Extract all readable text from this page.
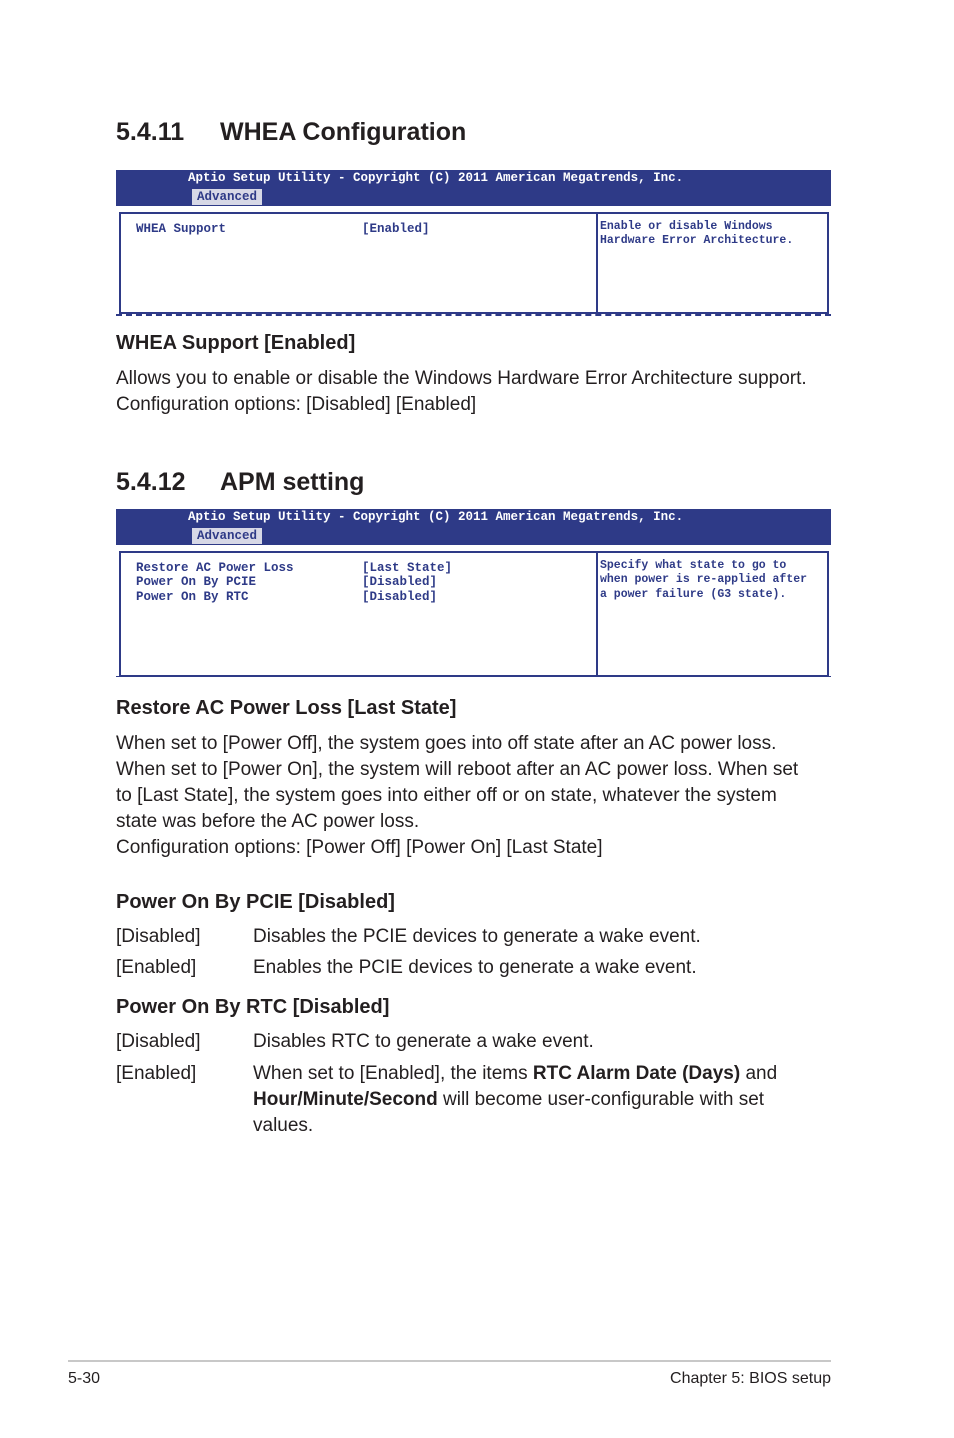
5.4.11 WHEA Configuration
Aptio Setup Utility - Copyright (C) 2011 American Megatrends, Inc.
Advanced
WHEA Support	[Enabled]	Enable or disable Windows
Hardware Error Architecture.
WHEA Support [Enabled]
Allows you to enable or disable the Windows Hardware Error Architecture support.
Configuration options: [Disabled] [Enabled]
5.4.12 APM setting
Aptio Setup Utility - Copyright (C) 2011 American Megatrends, Inc.
Advanced
Restore AC Power Loss	[Last State]
Power On By PCIE	[Disabled]
Power On By RTC	[Disabled]
Specify what state to go to
when power is re-applied after
a power failure (G3 state).
Restore AC Power Loss [Last State]
When set to [Power Off], the system goes into off state after an AC power loss.
When set to [Power On], the system will reboot after an AC power loss. When set
to [Last State], the system goes into either off or on state, whatever the system
state was before the AC power loss.
Configuration options: [Power Off] [Power On] [Last State]
Power On By PCIE [Disabled]
[Disabled]	Disables the PCIE devices to generate a wake event.
[Enabled]	Enables the PCIE devices to generate a wake event.
Power On By RTC [Disabled]
[Disabled]	Disables RTC to generate a wake event.
[Enabled]	When set to [Enabled], the items RTC Alarm Date (Days) and
Hour/Minute/Second will become user-configurable with set
values.
5-30	Chapter 5: BIOS setup
